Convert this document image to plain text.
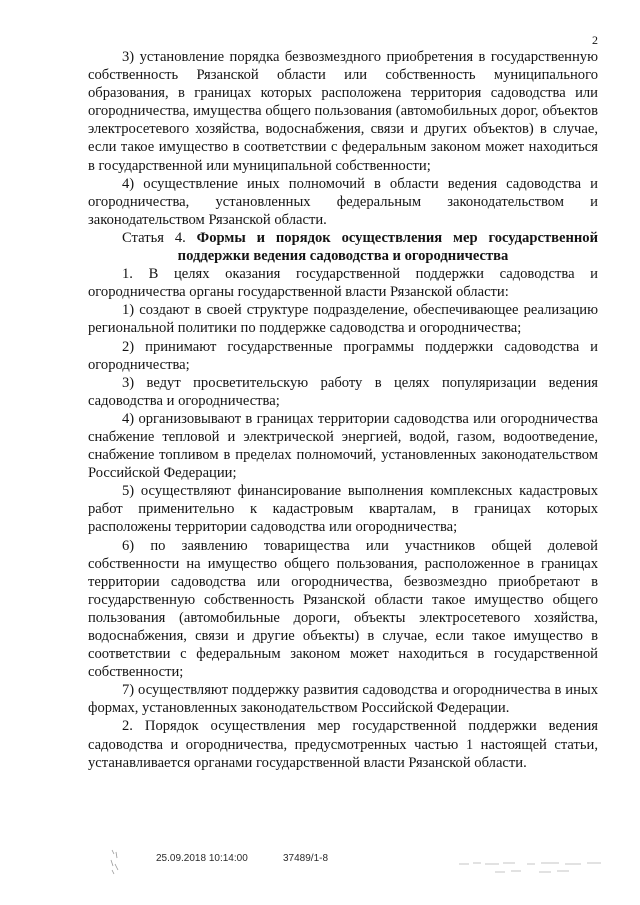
2

3) установление порядка безвозмездного приобретения в государственную собственность Рязанской области или собственность муниципального образования, в границах которых расположена территория садоводства или огородничества, имущества общего пользования (автомобильных дорог, объектов электросетевого хозяйства, водоснабжения, связи и других объектов) в случае, если такое имущество в соответствии с федеральным законом может находиться в государственной или муниципальной собственности;

4) осуществление иных полномочий в области ведения садоводства и огородничества, установленных федеральным законодательством и законодательством Рязанской области.

Статья 4. Формы и порядок осуществления мер государственной поддержки ведения садоводства и огородничества

1. В целях оказания государственной поддержки садоводства и огородничества органы государственной власти Рязанской области:

1) создают в своей структуре подразделение, обеспечивающее реализацию региональной политики по поддержке садоводства и огородничества;

2) принимают государственные программы поддержки садоводства и огородничества;

3) ведут просветительскую работу в целях популяризации ведения садоводства и огородничества;

4) организовывают в границах территории садоводства или огородничества снабжение тепловой и электрической энергией, водой, газом, водоотведение, снабжение топливом в пределах полномочий, установленных законодательством Российской Федерации;

5) осуществляют финансирование выполнения комплексных кадастровых работ применительно к кадастровым кварталам, в границах которых расположены территории садоводства или огородничества;

6) по заявлению товарищества или участников общей долевой собственности на имущество общего пользования, расположенное в границах территории садоводства или огородничества, безвозмездно приобретают в государственную собственность Рязанской области такое имущество общего пользования (автомобильные дороги, объекты электросетевого хозяйства, водоснабжения, связи и другие объекты) в случае, если такое имущество в соответствии с федеральным законом может находиться в государственной собственности;

7) осуществляют поддержку развития садоводства и огородничества в иных формах, установленных законодательством Российской Федерации.

2. Порядок осуществления мер государственной поддержки ведения садоводства и огородничества, предусмотренных частью 1 настоящей статьи, устанавливается органами государственной власти Рязанской области.

25.09.2018 10:14:00	37489/1-8
